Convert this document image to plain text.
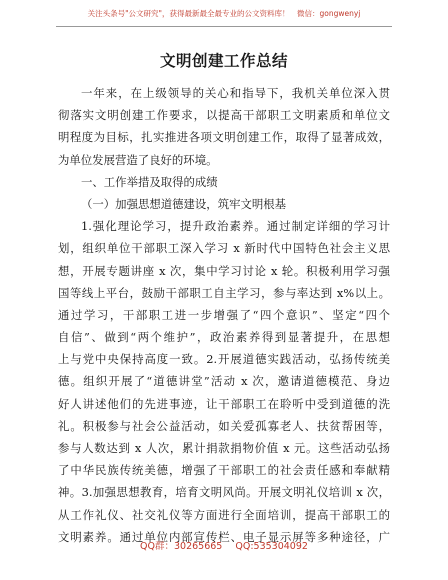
关注头条号"公文研究"，获得最新最全最专业的公文资料库！　微信：gongwenyj
文明创建工作总结
一年来，在上级领导的关心和指导下，我机关单位深入贯
彻落实文明创建工作要求，以提高干部职工文明素质和单位文
明程度为目标，扎实推进各项文明创建工作，取得了显著成效，
为单位发展营造了良好的环境。
一、工作举措及取得的成绩
（一）加强思想道德建设，筑牢文明根基
1.强化理论学习，提升政治素养。通过制定详细的学习计
划，组织单位干部职工深入学习 x 新时代中国特色社会主义思
想，开展专题讲座 x 次，集中学习讨论 x 轮。积极利用学习强
国等线上平台，鼓励干部职工自主学习，参与率达到 x%以上。
通过学习，干部职工进一步增强了“四个意识”、坚定“四个
自信”、做到“两个维护”，政治素养得到显著提升，在思想
上与党中央保持高度一致。2.开展道德实践活动，弘扬传统美
德。组织开展了“道德讲堂”活动 x 次，邀请道德模范、身边
好人讲述他们的先进事迹，让干部职工在聆听中受到道德的洗
礼。积极参与社会公益活动，如关爱孤寡老人、扶贫帮困等，
参与人数达到 x 人次，累计捐款捐物价值 x 元。这些活动弘扬
了中华民族传统美德，增强了干部职工的社会责任感和奉献精
神。3.加强思想教育，培育文明风尚。开展文明礼仪培训 x 次，
从工作礼仪、社交礼仪等方面进行全面培训，提高干部职工的
文明素养。通过单位内部宣传栏、电子显示屏等多种途径，广
QQ群：30265665 QQ:535304092
